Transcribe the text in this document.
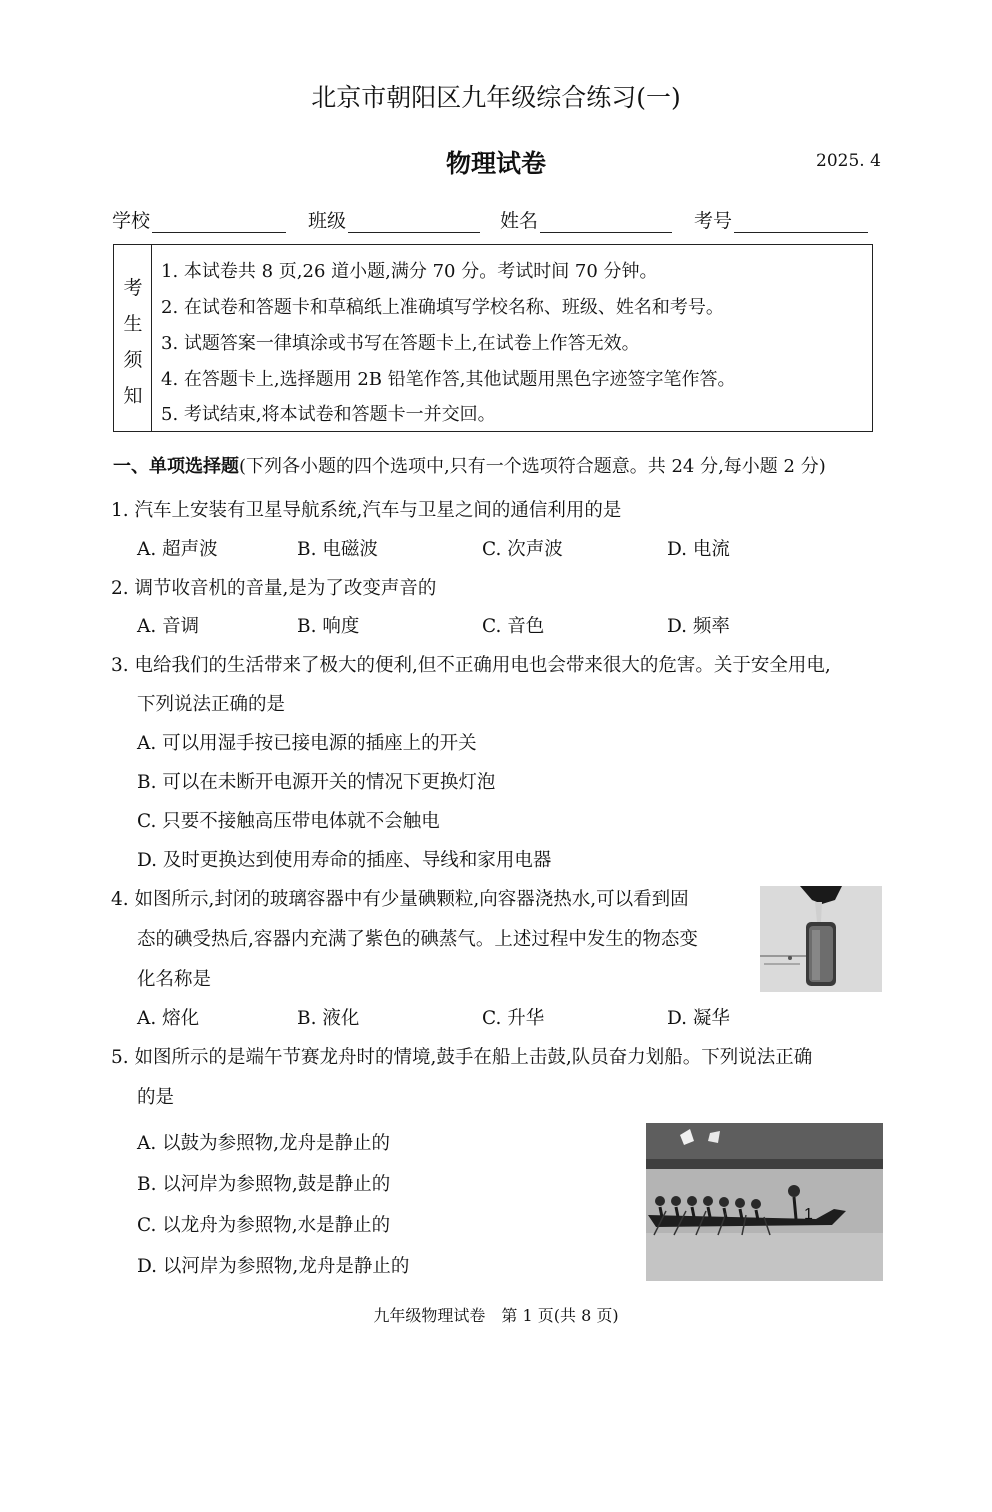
北京市朝阳区九年级综合练习(一)
物理试卷	2025. 4
学校	班级	姓名	考号
考
生
须
知
1. 本试卷共 8 页,26 道小题,满分 70 分。考试时间 70 分钟。
2. 在试卷和答题卡和草稿纸上准确填写学校名称、班级、姓名和考号。
3. 试题答案一律填涂或书写在答题卡上,在试卷上作答无效。
4. 在答题卡上,选择题用 2B 铅笔作答,其他试题用黑色字迹签字笔作答。
5. 考试结束,将本试卷和答题卡一并交回。
一、单项选择题(下列各小题的四个选项中,只有一个选项符合题意。共 24 分,每小题 2 分)
1. 汽车上安装有卫星导航系统,汽车与卫星之间的通信利用的是
A. 超声波	B. 电磁波	C. 次声波	D. 电流
2. 调节收音机的音量,是为了改变声音的
A. 音调	B. 响度	C. 音色	D. 频率
3. 电给我们的生活带来了极大的便利,但不正确用电也会带来很大的危害。关于安全用电,
下列说法正确的是
A. 可以用湿手按已接电源的插座上的开关
B. 可以在未断开电源开关的情况下更换灯泡
C. 只要不接触高压带电体就不会触电
D. 及时更换达到使用寿命的插座、导线和家用电器
4. 如图所示,封闭的玻璃容器中有少量碘颗粒,向容器浇热水,可以看到固
态的碘受热后,容器内充满了紫色的碘蒸气。上述过程中发生的物态变
化名称是
A. 熔化	B. 液化	C. 升华	D. 凝华
5. 如图所示的是端午节赛龙舟时的情境,鼓手在船上击鼓,队员奋力划船。下列说法正确
的是
A. 以鼓为参照物,龙舟是静止的
B. 以河岸为参照物,鼓是静止的
C. 以龙舟为参照物,水是静止的
D. 以河岸为参照物,龙舟是静止的
1
九年级物理试卷　第 1 页(共 8 页)
